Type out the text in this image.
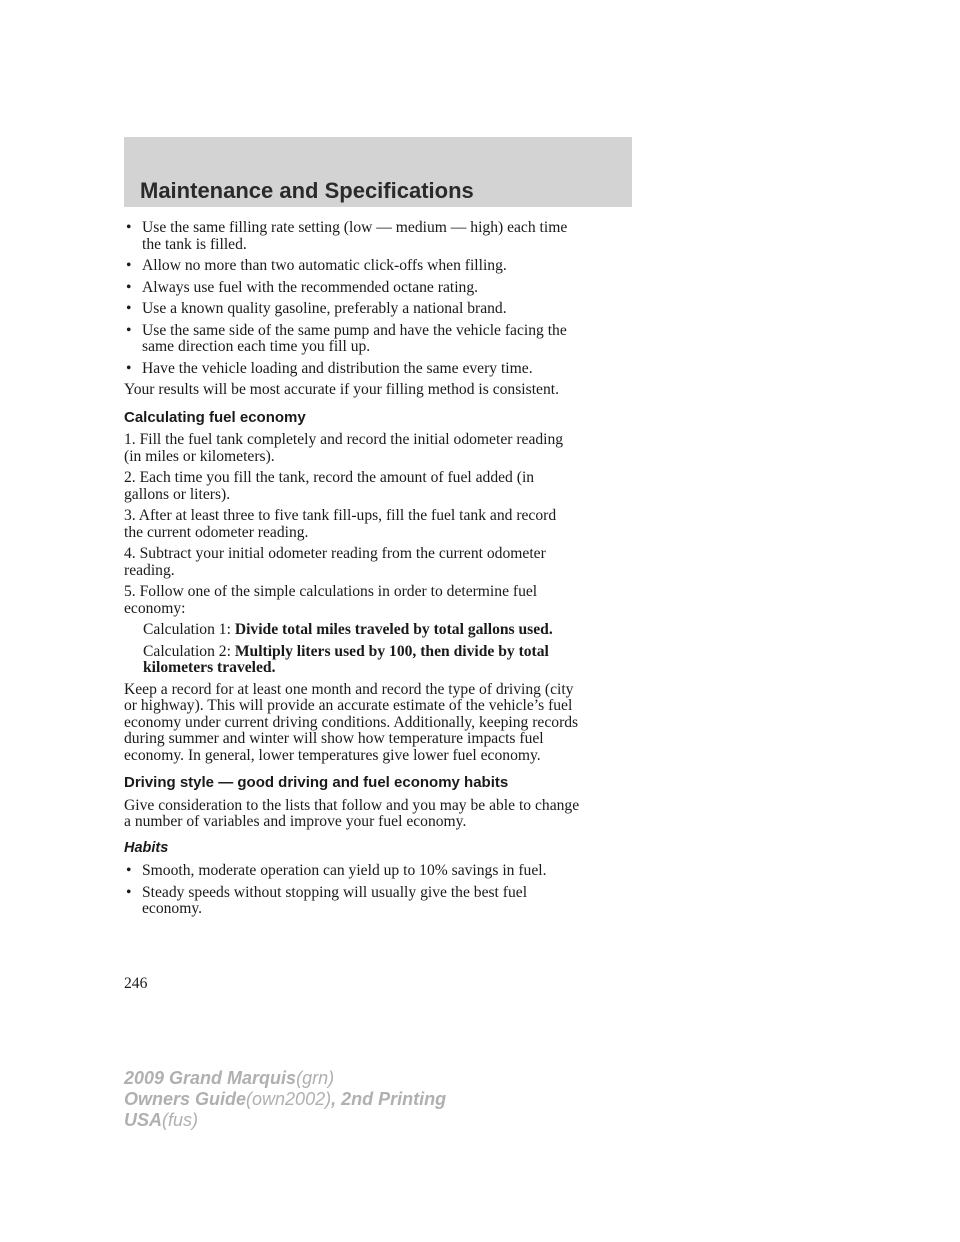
Maintenance and Specifications
• Use the same filling rate setting (low — medium — high) each time
the tank is filled.
• Allow no more than two automatic click-offs when filling.
• Always use fuel with the recommended octane rating.
• Use a known quality gasoline, preferably a national brand.
• Use the same side of the same pump and have the vehicle facing the
same direction each time you fill up.
• Have the vehicle loading and distribution the same every time.

Your results will be most accurate if your filling method is consistent.

Calculating fuel economy

1. Fill the fuel tank completely and record the initial odometer reading
(in miles or kilometers).

2. Each time you fill the tank, record the amount of fuel added (in
gallons or liters).

3. After at least three to five tank fill-ups, fill the fuel tank and record
the current odometer reading.

4. Subtract your initial odometer reading from the current odometer
reading.

5. Follow one of the simple calculations in order to determine fuel
economy:

Calculation 1: Divide total miles traveled by total gallons used.

Calculation 2: Multiply liters used by 100, then divide by total
kilometers traveled.

Keep a record for at least one month and record the type of driving (city
or highway). This will provide an accurate estimate of the vehicle’s fuel
economy under current driving conditions. Additionally, keeping records
during summer and winter will show how temperature impacts fuel
economy. In general, lower temperatures give lower fuel economy.

Driving style — good driving and fuel economy habits

Give consideration to the lists that follow and you may be able to change
a number of variables and improve your fuel economy.

Habits
• Smooth, moderate operation can yield up to 10% savings in fuel.
• Steady speeds without stopping will usually give the best fuel
economy.
246
2009 Grand Marquis(grn)
Owners Guide(own2002), 2nd Printing
USA(fus)
